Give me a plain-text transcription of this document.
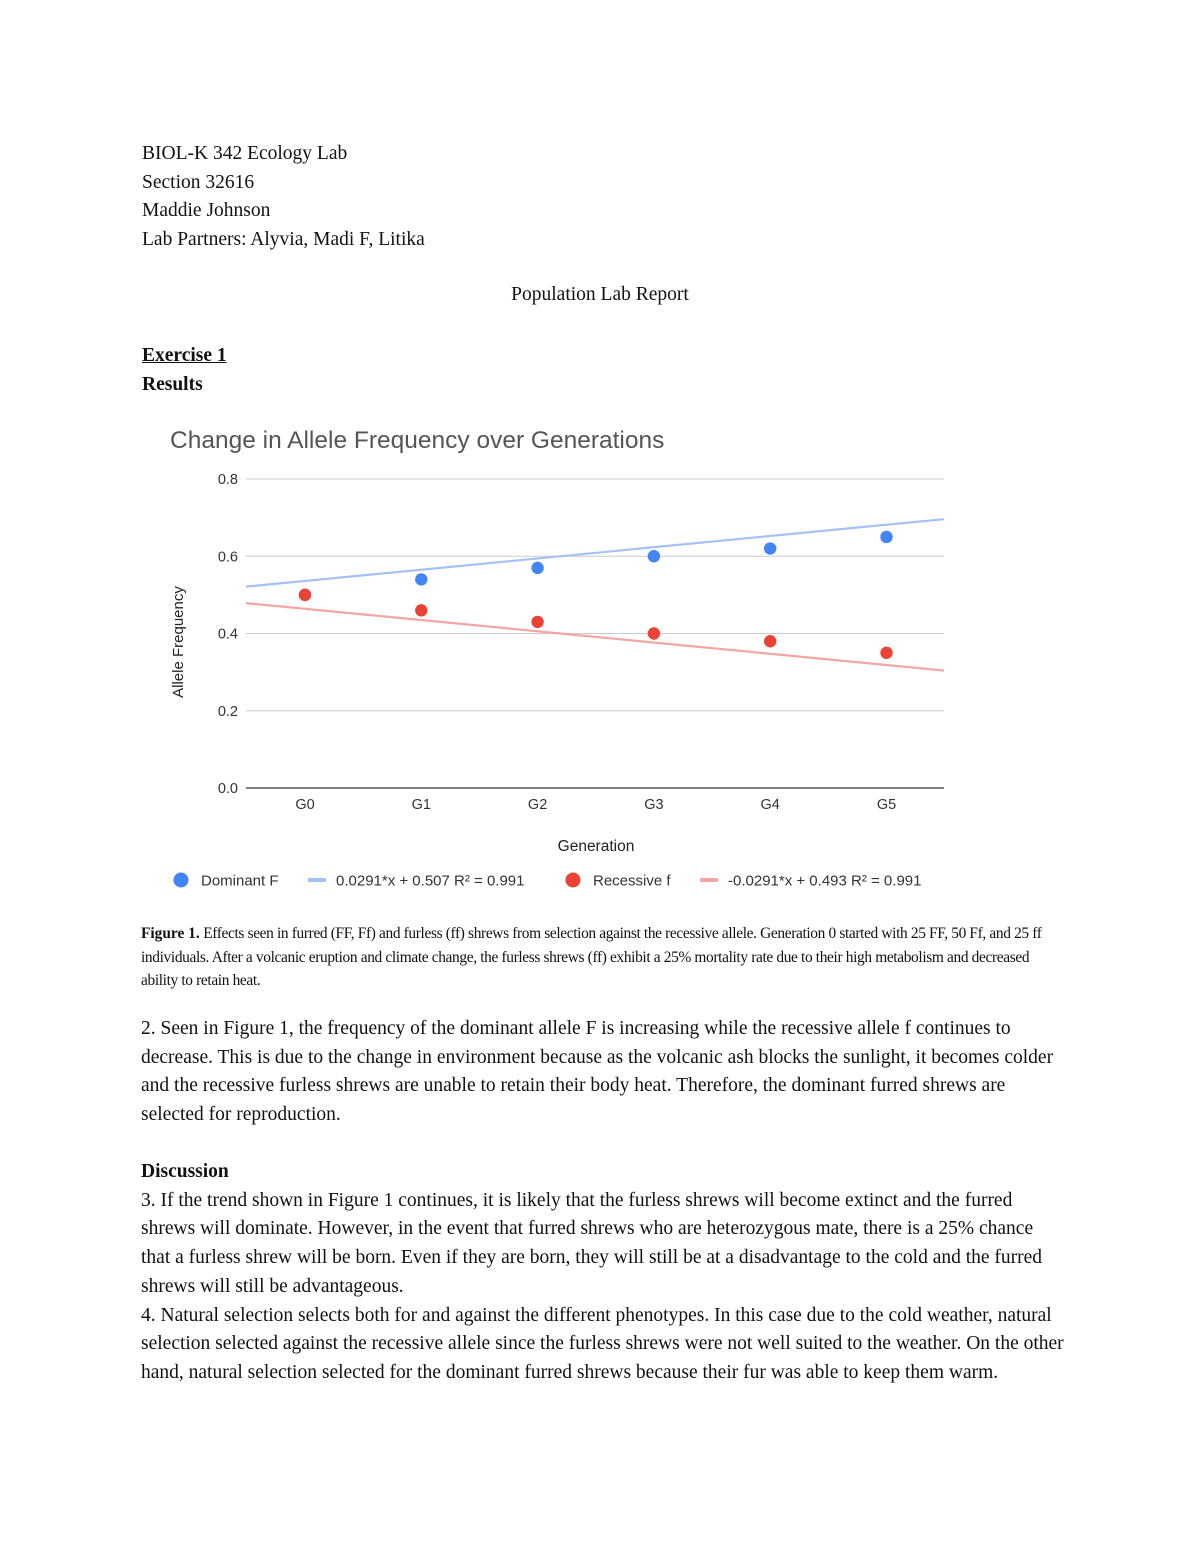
BIOL-K 342 Ecology Lab
Section 32616
Maddie Johnson
Lab Partners: Alyvia, Madi F, Litika
Population Lab Report
Exercise 1
Results
Change in Allele Frequency over Generations
0.0
0.2
0.4
0.6
0.8
G0	G1	G2	G3	G4	G5
Allele Frequency
Generation
Dominant F	0.0291*x + 0.507 R² = 0.991	Recessive f	-0.0291*x + 0.493 R² = 0.991
Figure 1. Effects seen in furred (FF, Ff) and furless (ff) shrews from selection against the recessive allele. Generation 0 started with 25 FF, 50 Ff, and 25 ff individuals. After a volcanic eruption and climate change, the furless shrews (ff) exhibit a 25% mortality rate due to their high metabolism and decreased ability to retain heat.
2. Seen in Figure 1, the frequency of the dominant allele F is increasing while the recessive allele f continues to decrease. This is due to the change in environment because as the volcanic ash blocks the sunlight, it becomes colder and the recessive furless shrews are unable to retain their body heat. Therefore, the dominant furred shrews are selected for reproduction.
Discussion
3. If the trend shown in Figure 1 continues, it is likely that the furless shrews will become extinct and the furred shrews will dominate. However, in the event that furred shrews who are heterozygous mate, there is a 25% chance that a furless shrew will be born. Even if they are born, they will still be at a disadvantage to the cold and the furred shrews will still be advantageous.
4. Natural selection selects both for and against the different phenotypes. In this case due to the cold weather, natural selection selected against the recessive allele since the furless shrews were not well suited to the weather. On the other hand, natural selection selected for the dominant furred shrews because their fur was able to keep them warm.
